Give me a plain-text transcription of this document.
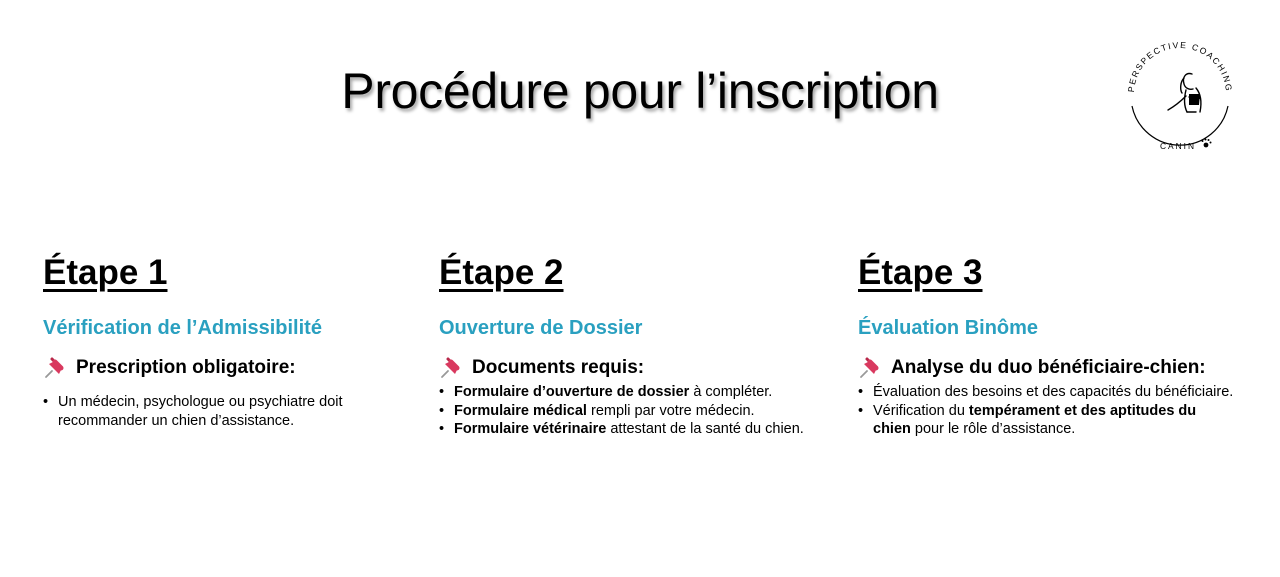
Procédure pour l’inscription	PERSPECTIVE COACHING
CANIN
Étape 1
Vérification de l’Admissibilité
Prescription obligatoire:
• Un médecin, psychologue ou psychiatre doit recommander un chien d’assistance.
Étape 2
Ouverture de Dossier
Documents requis:
• Formulaire d’ouverture de dossier à compléter.
• Formulaire médical rempli par votre médecin.
• Formulaire vétérinaire attestant de la santé du chien.
Étape 3
Évaluation Binôme
Analyse du duo bénéficiaire-chien:
• Évaluation des besoins et des capacités du bénéficiaire.
• Vérification du tempérament et des aptitudes du chien pour le rôle d’assistance.
